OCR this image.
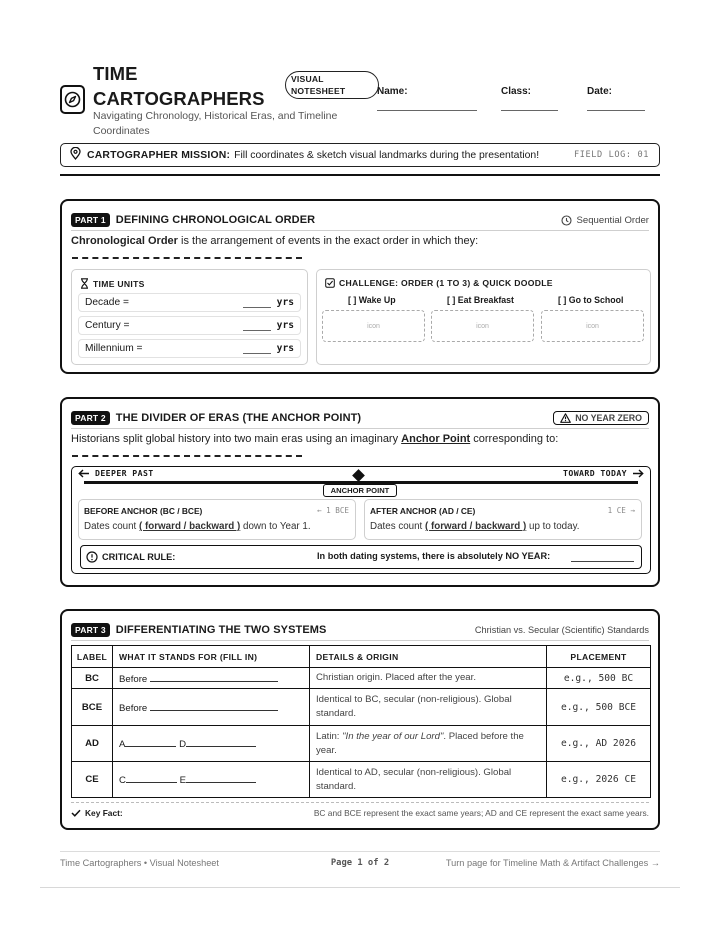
TIME
CARTOGRAPHERS
Navigating Chronology, Historical Eras, and Timeline Coordinates
VISUAL
NOTESHEET	Name:	Class:	Date:
CARTOGRAPHER MISSION: Fill coordinates & sketch visual landmarks during the presentation!	FIELD LOG: 01
PART 1 DEFINING CHRONOLOGICAL ORDER	Sequential Order
Chronological Order is the arrangement of events in the exact order in which they:
TIME UNITS
Decade =	yrs
Century =	yrs
Millennium =	yrs
CHALLENGE: ORDER (1 TO 3) & QUICK DOODLE
[ ] Wake Up	[ ] Eat Breakfast	[ ] Go to School
icon	icon	icon
PART 2 THE DIVIDER OF ERAS (THE ANCHOR POINT)	NO YEAR ZERO
Historians split global history into two main eras using an imaginary Anchor Point corresponding to:
DEEPER PAST	TOWARD TODAY
ANCHOR POINT
BEFORE ANCHOR (BC / BCE)	← 1 BCE
Dates count ( forward / backward ) down to Year 1.
AFTER ANCHOR (AD / CE)	1 CE →
Dates count ( forward / backward ) up to today.
CRITICAL RULE:	In both dating systems, there is absolutely NO YEAR:
PART 3 DIFFERENTIATING THE TWO SYSTEMS	Christian vs. Secular (Scientific) Standards
LABEL	WHAT IT STANDS FOR (FILL IN)	DETAILS & ORIGIN	PLACEMENT
BC	Before	Christian origin. Placed after the year.	e.g., 500 BC
BCE	Before	Identical to BC, secular (non-religious). Global standard.	e.g., 500 BCE
AD	A D	Latin: "In the year of our Lord". Placed before the year.	e.g., AD 2026
CE	C E	Identical to AD, secular (non-religious). Global standard.	e.g., 2026 CE
Key Fact:	BC and BCE represent the exact same years; AD and CE represent the exact same years.
Time Cartographers • Visual Notesheet	Page 1 of 2	Turn page for Timeline Math & Artifact Challenges →
